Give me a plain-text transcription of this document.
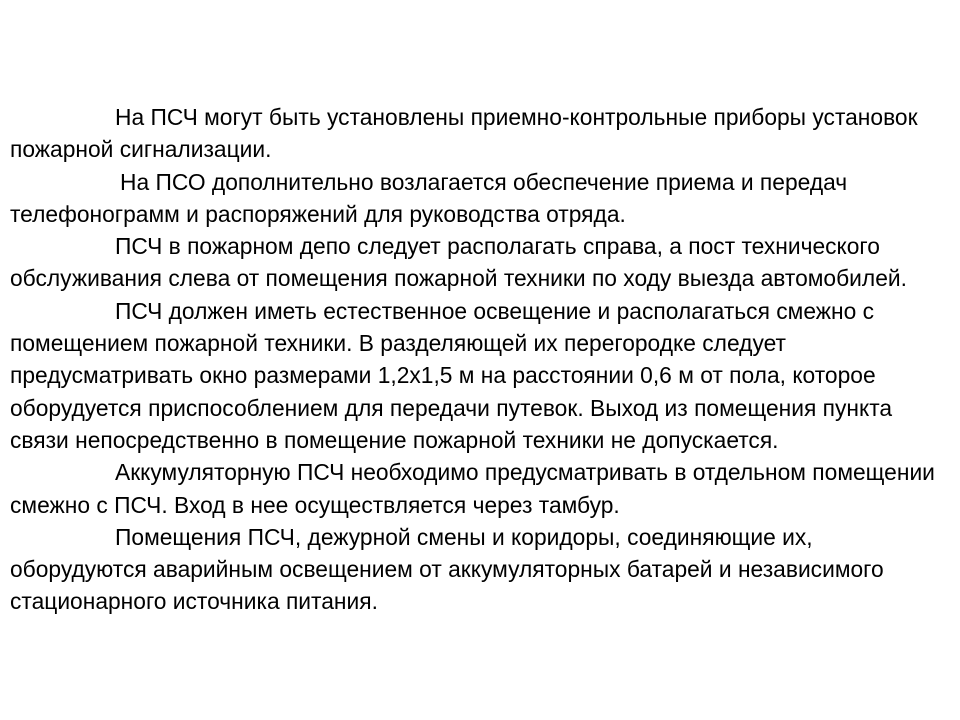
На ПСЧ могут быть установлены приемно-контрольные приборы установок пожарной сигнализации.

На ПСО дополнительно возлагается обеспечение приема и передач телефонограмм и распоряжений для руководства отряда.

ПСЧ в пожарном депо следует располагать справа, а пост технического обслуживания слева от помещения пожарной техники по ходу выезда автомобилей.

ПСЧ должен иметь естественное освещение и располагаться смежно с помещением пожарной техники. В разделяющей их перегородке следует предусматривать окно размерами 1,2х1,5 м на расстоянии 0,6 м от пола, которое оборудуется приспособлением для передачи путевок. Выход из помещения пункта связи непосредственно в помещение пожарной техники не допускается.

Аккумуляторную ПСЧ необходимо предусматривать в отдельном помещении смежно с ПСЧ. Вход в нее осуществляется через тамбур.

Помещения ПСЧ, дежурной смены и коридоры, соединяющие их, оборудуются аварийным освещением от аккумуляторных батарей и независимого стационарного источника питания.
